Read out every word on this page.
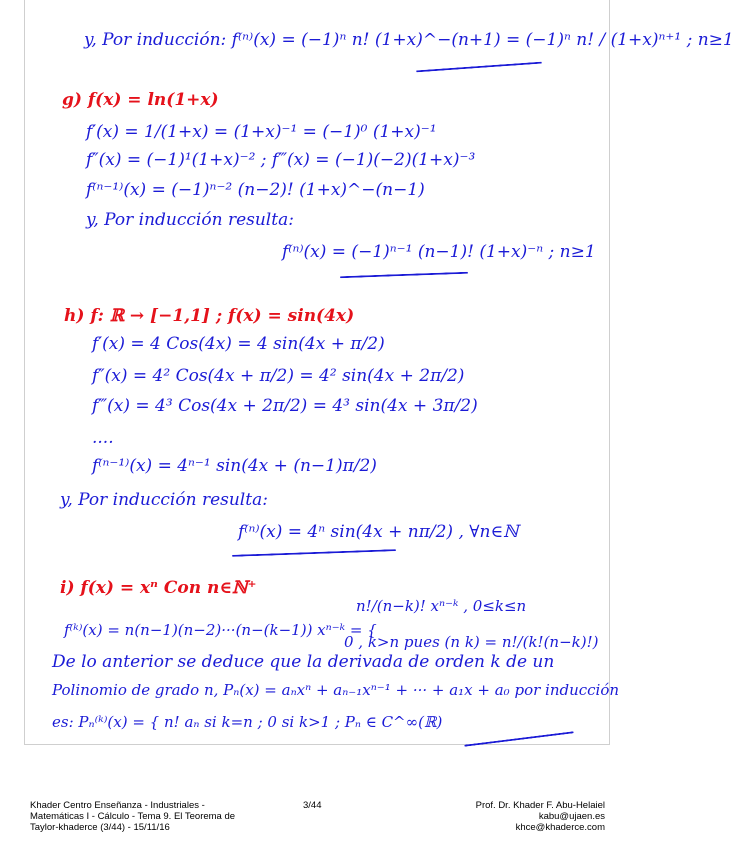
y, Por inducción: f⁽ⁿ⁾(x) = (−1)ⁿ n! (1+x)^−(n+1) = (−1)ⁿ n! / (1+x)ⁿ⁺¹ ; n≥1
g) f(x) = ln(1+x)
f′(x) = 1/(1+x) = (1+x)⁻¹ = (−1)⁰ (1+x)⁻¹
f″(x) = (−1)¹(1+x)⁻² ; f‴(x) = (−1)(−2)(1+x)⁻³
f⁽ⁿ⁻¹⁾(x) = (−1)ⁿ⁻² (n−2)! (1+x)^−(n−1)
y, Por inducción resulta:
f⁽ⁿ⁾(x) = (−1)ⁿ⁻¹ (n−1)! (1+x)⁻ⁿ ; n≥1
h) f: ℝ → [−1,1] ; f(x) = sin(4x)
f′(x) = 4 Cos(4x) = 4 sin(4x + π/2)
f″(x) = 4² Cos(4x + π/2) = 4² sin(4x + 2π/2)
f‴(x) = 4³ Cos(4x + 2π/2) = 4³ sin(4x + 3π/2)
....
f⁽ⁿ⁻¹⁾(x) = 4ⁿ⁻¹ sin(4x + (n−1)π/2)
y, Por inducción resulta:
f⁽ⁿ⁾(x) = 4ⁿ sin(4x + nπ/2) , ∀n∈ℕ
i) f(x) = xⁿ Con n∈ℕ⁺
n!/(n−k)! xⁿ⁻ᵏ , 0≤k≤n
f⁽ᵏ⁾(x) = n(n−1)(n−2)···(n−(k−1)) xⁿ⁻ᵏ = {
0 , k>n pues (n k) = n!/(k!(n−k)!)
De lo anterior se deduce que la derivada de orden k de un
Polinomio de grado n, Pₙ(x) = aₙxⁿ + aₙ₋₁xⁿ⁻¹ + ··· + a₁x + a₀ por inducción
es: Pₙ⁽ᵏ⁾(x) = { n! aₙ si k=n ; 0 si k>1 ; Pₙ ∈ C^∞(ℝ)
Khader Centro Enseñanza - Industriales -
Matemáticas I - Cálculo - Tema 9. El Teorema de
Taylor-khaderce (3/44) - 15/11/16
3/44	Prof. Dr. Khader F. Abu-Helaiel
kabu@ujaen.es
khce@khaderce.com
